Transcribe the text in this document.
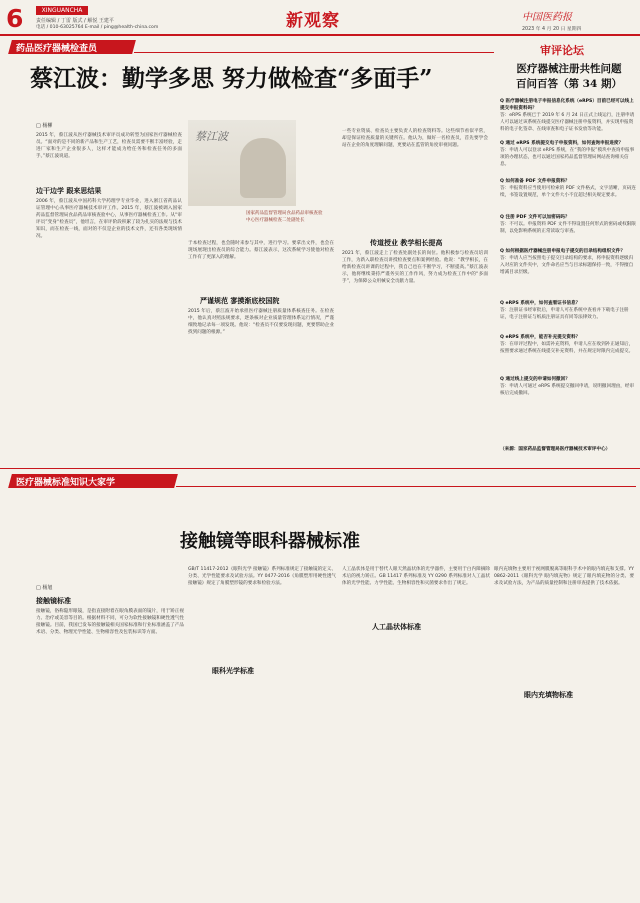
6	XINGUANCHA
责任编辑 / 丁雷 版式 / 解悦 王建平
电话 / 010-63025764 E-mail / ping@health-china.com	新观察	中国医药报
2023 年 4 月 20 日 星期四
药品医疗器械检查员
蔡江波：勤学多思 努力做检查“多面手”
□ 杨柳
蔡江波
国家药品监督管理局食品药品审核查验中心医疗器械检查二处副处长
2015 年，蔡江波从医疗器械技术审评员成功转型为国家医疗器械检查员。“面对的是不同的新产品和生产工艺，检查员需要不断丰富经验，走进厂家和生产企业很多人，这样才能成为给任务和检查任务的多面手。”蔡江波说道。
边干边学 跟来思结果
2006 年，蔡江波从中国药科大学药理学专业毕业，进入浙江省药品认证管理中心从事医疗器械技术审评工作。2015 年，蔡江波被调入国家药品监督管理局食品药品审核查验中心，从事医疗器械检查工作。从“审评员”变身“检查员”，他坦言，在审评阶段积累了较为扎实的法规与技术知识，而在检查一线，面对的不仅是企业的技术文件，还有各类现场情况。
于本检查过程，也会随时来参与其中，进行学习。要拿出文件，也会在现场展现出检查员的综合能力。蔡江波表示，这次系统学习使他对检查工作有了更深入的理解。
严谨规范 寥摸渐底校国院
2015 年后，蔡江波开始承担医疗器械注册质量体系核查任务。在检查中，他认真对照法规要求，逐条核对企业质量管理体系运行情况，严谨细致地记录每一项发现。他说：“检查员不仅要发现问题，更要帮助企业找到问题的根源。”
一些专业资质、检查员主要负责人的检查资料等。这些细节看似平常，却是保证检查质量的关键所在。他认为，做好一名检查员，首先要学会站在企业的角度理解问题，更要站在监管的角度审视问题。
传道授业 教学相长提高
2021 年，蔡江波走上了检查处副处长的岗位。他积极参与检查员培训工作，为新入职检查员讲授检查要点和案例经验。他说：“教学相长，在给新检查员讲课的过程中，我自己也在不断学习，不断提高。”蔡江波表示，他将继续秉持严谨务实的工作作风，努力成为检查工作中的“多面手”，为保障公众用械安全贡献力量。
审评论坛
医疗器械注册共性问题
百问百答（第 34 期）
Q 医疗器械注册电子申报信息化系统（eRPS）目前已经可以线上提交申报资料吗？
答：eRPS 系统已于 2019 年 6 月 24 日正式上线运行，注册申请人可以通过该系统在线提交医疗器械注册申报资料，并实现申报资料的电子化签章、在线审查和电子证书发放等功能。
Q 通过 eRPS 系统提交电子申报资料，如何查询申报进度？
答：申请人可以登录 eRPS 系统，在“我的申报”模块中查询申报事项的办理状态，也可以通过国家药品监督管理局网站查询相关信息。
Q 如何准备 PDF 文件申报资料？
答：申报资料应当使用可检索的 PDF 文件格式，文字清晰，页码连续，书签设置规范，单个文件大小不宜超过相关规定要求。
Q 注册 PDF 文件可以加密码吗？
答：不可以。申报资料 PDF 文件不得设置任何形式的密码或权限限制，以免影响系统的正常读取与审查。
Q 如何根据医疗器械注册申报电子提交的目录结构组织文件？
答：申请人应当按照电子提交目录结构的要求，将申报资料逐级归入对应的文件夹中，文件命名应当与目录标题保持一致，不得擅自增减目录层级。
Q eRPS 系统中，如何查看证书信息？
答：注册证书经审批后，申请人可在系统中查看并下载电子注册证，电子注册证与纸质注册证具有同等法律效力。
Q eRPS 系统中，能否补充提交资料？
答：在审评过程中，如需补充资料，申请人应在收到补正通知后，按照要求通过系统在线提交补充资料，并在规定时限内完成提交。
Q 通过线上提交的申请如何撤回？
答：申请人可通过 eRPS 系统提交撤回申请，说明撤回理由，经审核后完成撤回。
（来源：国家药品监督管理局医疗器械技术审评中心）
医疗器械标准知识大家学
接触镜等眼科器械标准
□ 杨旭
接触镜标准
接触镜，俗称隐形眼镜，是指直接附着在眼角膜表面的镜片，用于矫正视力、治疗或美容等目的。根据材料不同，可分为软性接触镜和硬性透气性接触镜。目前，我国已发布的接触镜相关国家标准和行业标准涵盖了产品术语、分类、物理光学性能、生物相容性及包装标识等方面。
GB/T 11417-2012《眼科光学 接触镜》系列标准规定了接触镜的定义、分类、光学性能要求及试验方法。YY 0477-2016《角膜塑形用硬性透气接触镜》规定了角膜塑形镜的要求和检验方法。
眼科光学标准
人工晶状体标准
人工晶状体是用于替代人眼天然晶状体的光学器件，主要用于白内障摘除术后的视力矫正。GB 11417 系列标准及 YY 0290 系列标准对人工晶状体的光学性能、力学性能、生物相容性和灭菌要求作出了规定。
眼内充填物标准
眼内充填物主要用于视网膜脱离等眼科手术中的眼内填充和支撑。YY 0862-2011《眼科光学 眼内填充物》规定了眼内填充物的分类、要求及试验方法，为产品的质量控制和注册审查提供了技术依据。
